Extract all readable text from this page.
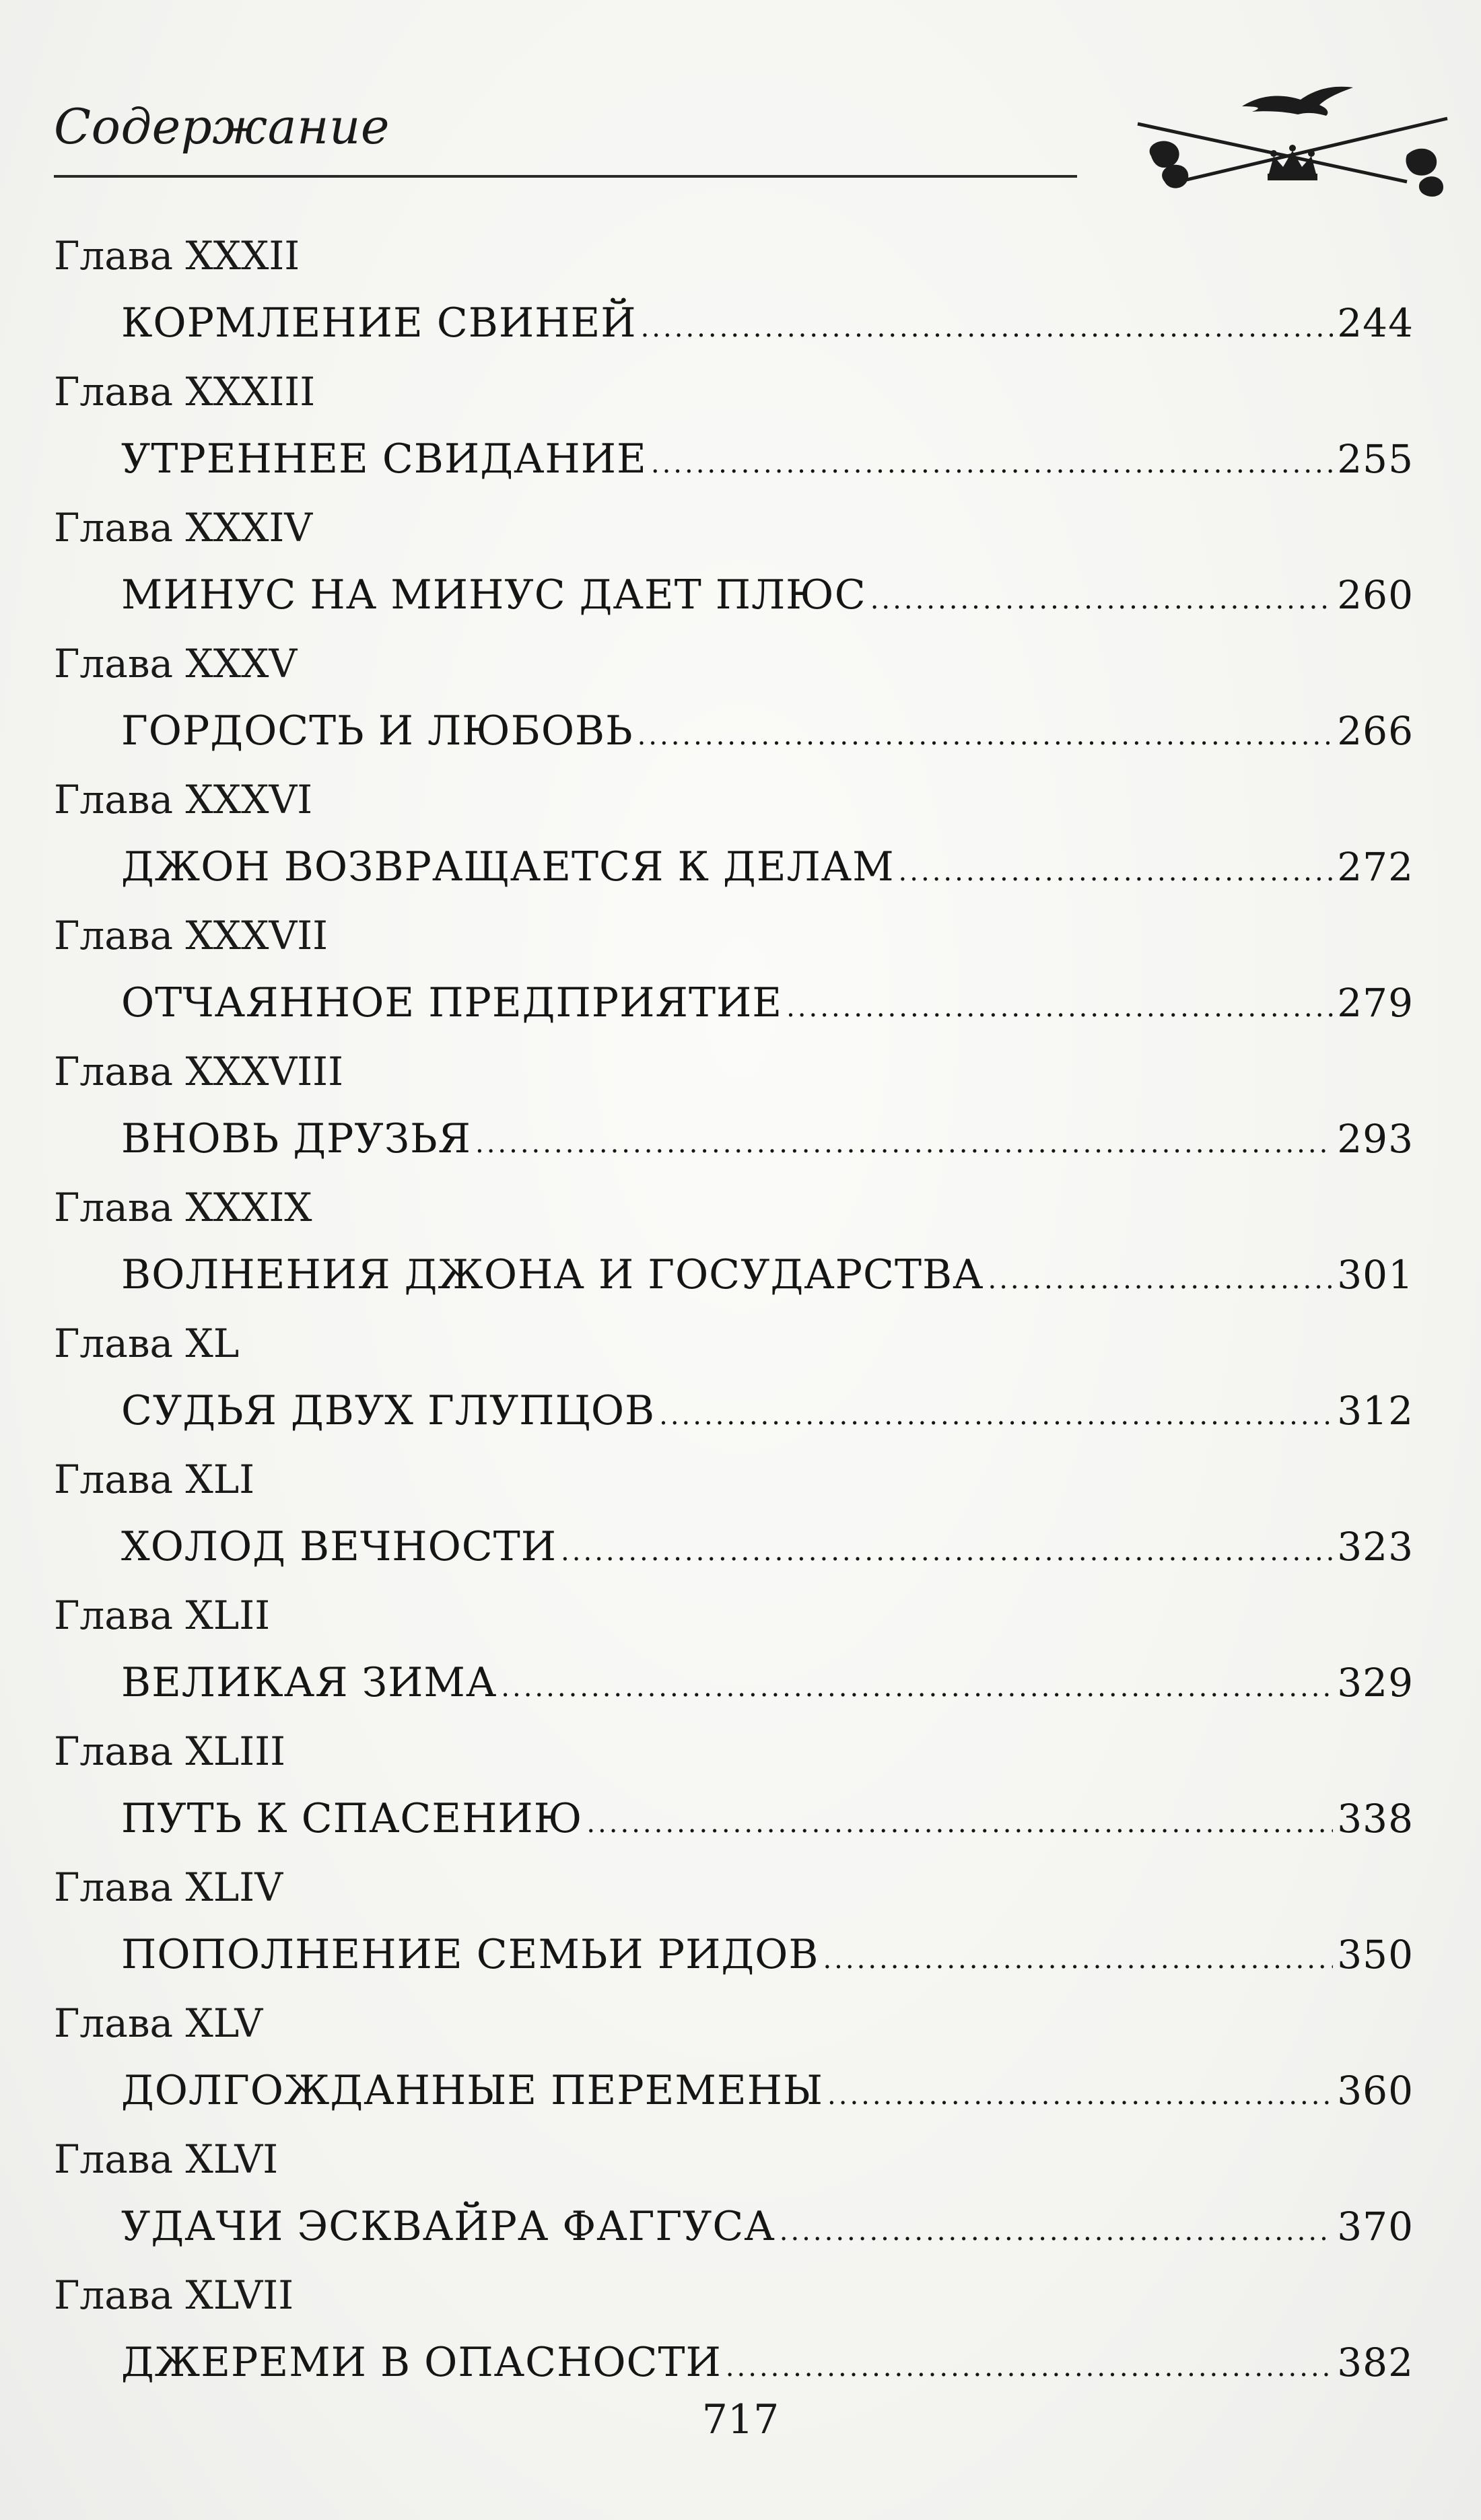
Содержание
Глава XXXII
КОРМЛЕНИЕ СВИНЕЙ .....	244
Глава XXXIII
УТРЕННЕЕ СВИДАНИЕ .....	255
Глава XXXIV
МИНУС НА МИНУС ДАЕТ ПЛЮС .....	260
Глава XXXV
ГОРДОСТЬ И ЛЮБОВЬ .....	266
Глава XXXVI
ДЖОН ВОЗВРАЩАЕТСЯ К ДЕЛАМ .....	272
Глава XXXVII
ОТЧАЯННОЕ ПРЕДПРИЯТИЕ .....	279
Глава XXXVIII
ВНОВЬ ДРУЗЬЯ .....	293
Глава XXXIX
ВОЛНЕНИЯ ДЖОНА И ГОСУДАРСТВА .....	301
Глава XL
СУДЬЯ ДВУХ ГЛУПЦОВ .....	312
Глава XLI
ХОЛОД ВЕЧНОСТИ .....	323
Глава XLII
ВЕЛИКАЯ ЗИМА .....	329
Глава XLIII
ПУТЬ К СПАСЕНИЮ .....	338
Глава XLIV
ПОПОЛНЕНИЕ СЕМЬИ РИДОВ .....	350
Глава XLV
ДОЛГОЖДАННЫЕ ПЕРЕМЕНЫ .....	360
Глава XLVI
УДАЧИ ЭСКВАЙРА ФАГГУСА .....	370
Глава XLVII
ДЖЕРЕМИ В ОПАСНОСТИ .....	382
717
